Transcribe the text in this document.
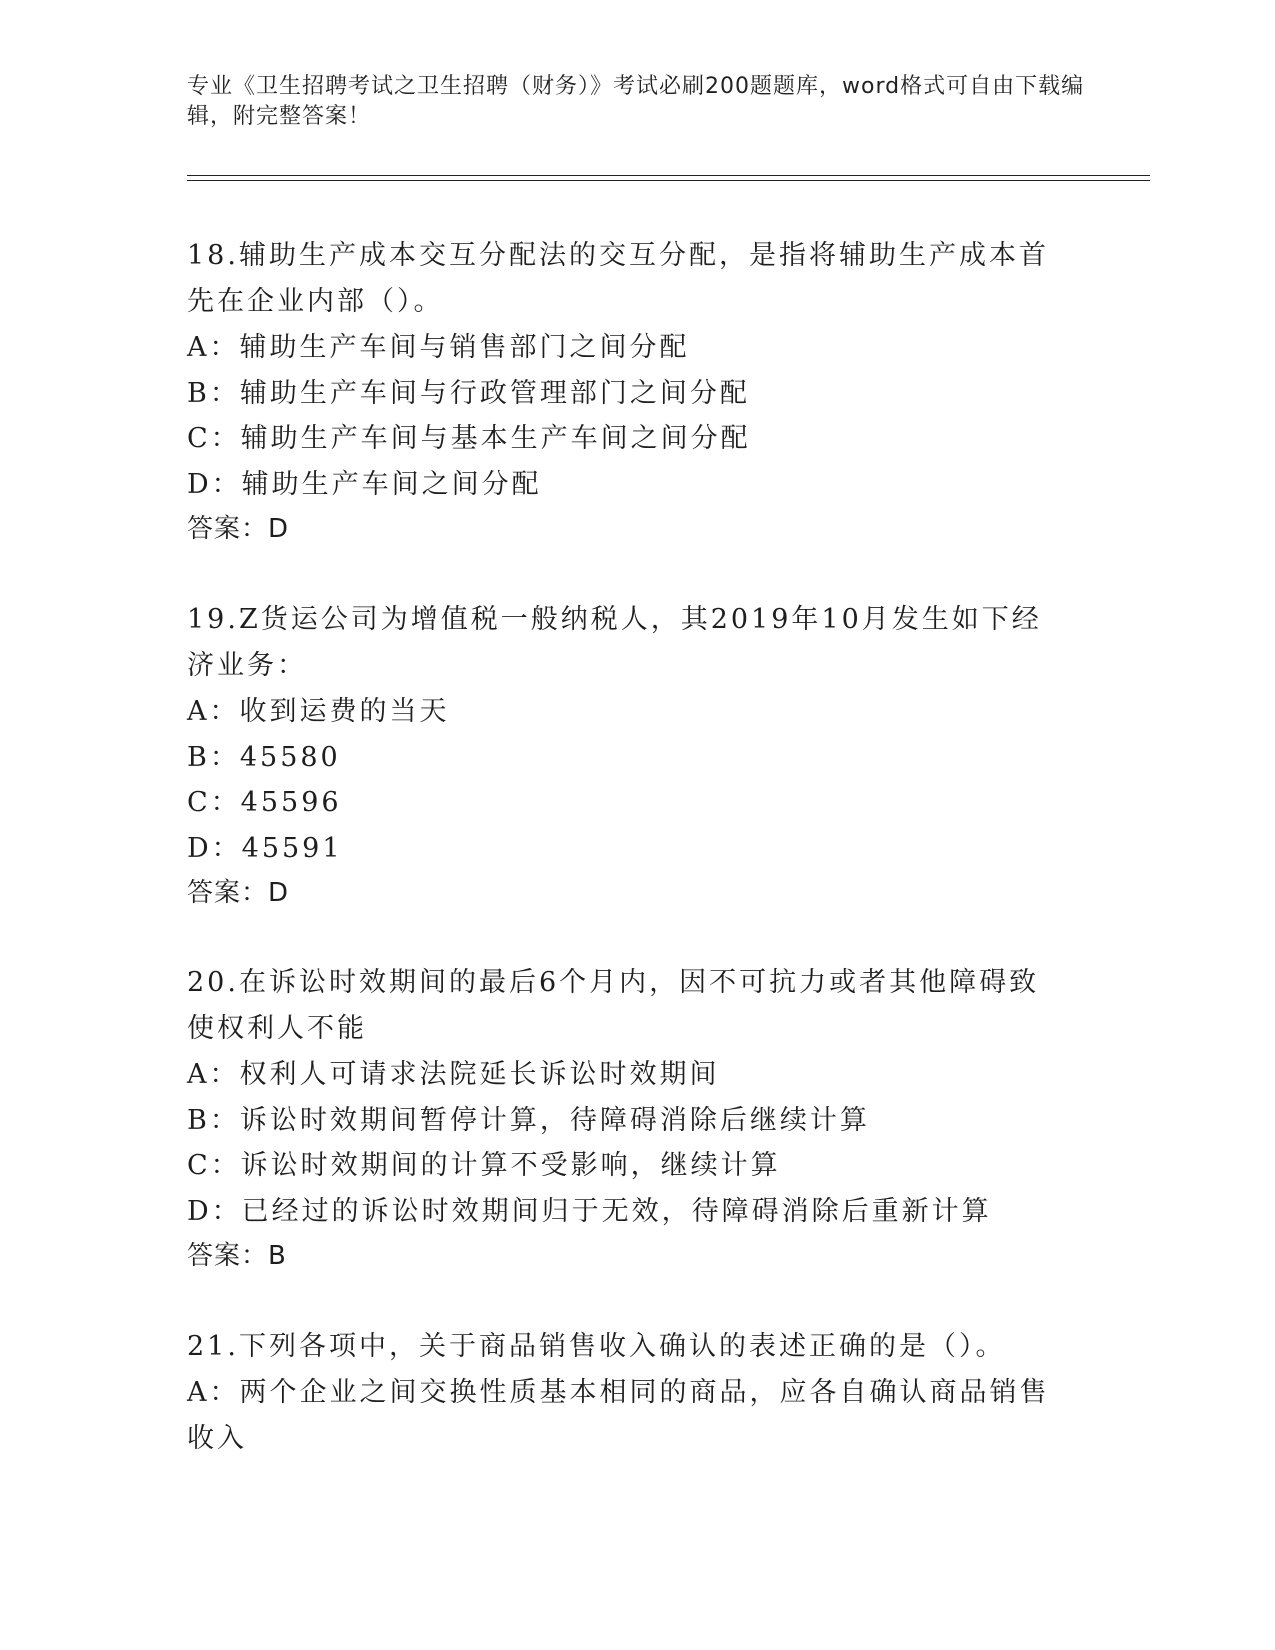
专业《卫生招聘考试之卫生招聘（财务）》考试必刷200题题库，word格式可自由下载编辑，附完整答案！

18.辅助生产成本交互分配法的交互分配，是指将辅助生产成本首先在企业内部（）。

A：辅助生产车间与销售部门之间分配

B：辅助生产车间与行政管理部门之间分配

C：辅助生产车间与基本生产车间之间分配

D：辅助生产车间之间分配

答案：D

19.Z货运公司为增值税一般纳税人，其2019年10月发生如下经济业务：

A：收到运费的当天

B：45580

C：45596

D：45591

答案：D

20.在诉讼时效期间的最后6个月内，因不可抗力或者其他障碍致使权利人不能

A：权利人可请求法院延长诉讼时效期间

B：诉讼时效期间暂停计算，待障碍消除后继续计算

C：诉讼时效期间的计算不受影响，继续计算

D：已经过的诉讼时效期间归于无效，待障碍消除后重新计算

答案：B

21.下列各项中，关于商品销售收入确认的表述正确的是（）。

A：两个企业之间交换性质基本相同的商品，应各自确认商品销售收入
